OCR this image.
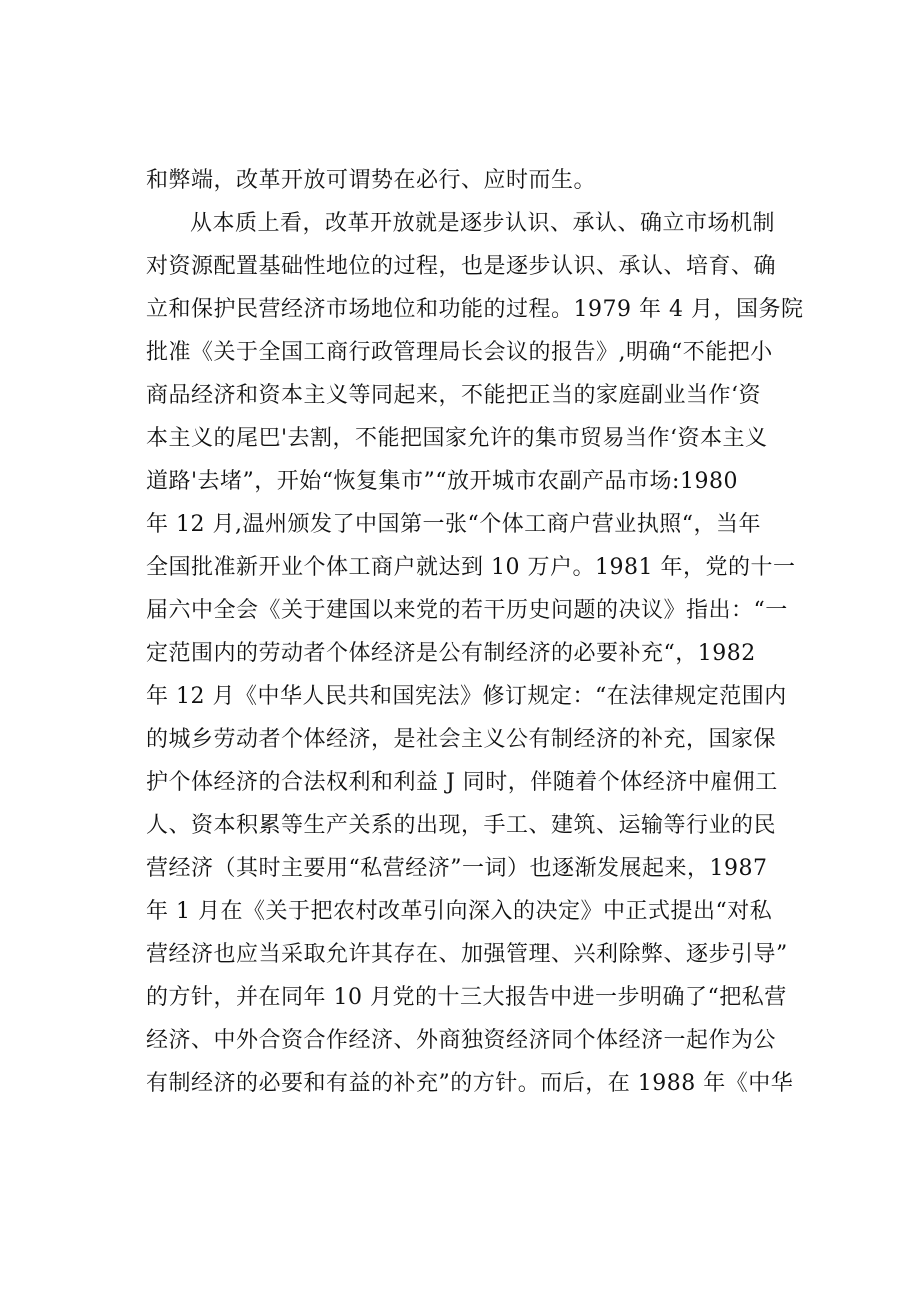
和弊端，改革开放可谓势在必行、应时而生。
从本质上看，改革开放就是逐步认识、承认、确立市场机制
对资源配置基础性地位的过程，也是逐步认识、承认、培育、确
立和保护民营经济市场地位和功能的过程。1979 年 4 月，国务院
批准《关于全国工商行政管理局长会议的报告》,明确“不能把小
商品经济和资本主义等同起来，不能把正当的家庭副业当作‘资
本主义的尾巴'去割，不能把国家允许的集市贸易当作‘资本主义
道路'去堵”，开始“恢复集市”“放开城市农副产品市场:1980
年 12 月,温州颁发了中国第一张“个体工商户营业执照“，当年
全国批准新开业个体工商户就达到 10 万户。1981 年，党的十一
届六中全会《关于建国以来党的若干历史问题的决议》指出：“一
定范围内的劳动者个体经济是公有制经济的必要补充“，1982
年 12 月《中华人民共和国宪法》修订规定：“在法律规定范围内
的城乡劳动者个体经济，是社会主义公有制经济的补充，国家保
护个体经济的合法权利和利益 J 同时，伴随着个体经济中雇佣工
人、资本积累等生产关系的出现，手工、建筑、运输等行业的民
营经济（其时主要用“私营经济”一词）也逐渐发展起来，1987
年 1 月在《关于把农村改革引向深入的决定》中正式提出“对私
营经济也应当采取允许其存在、加强管理、兴利除弊、逐步引导”
的方针，并在同年 10 月党的十三大报告中进一步明确了“把私营
经济、中外合资合作经济、外商独资经济同个体经济一起作为公
有制经济的必要和有益的补充”的方针。而后，在 1988 年《中华
